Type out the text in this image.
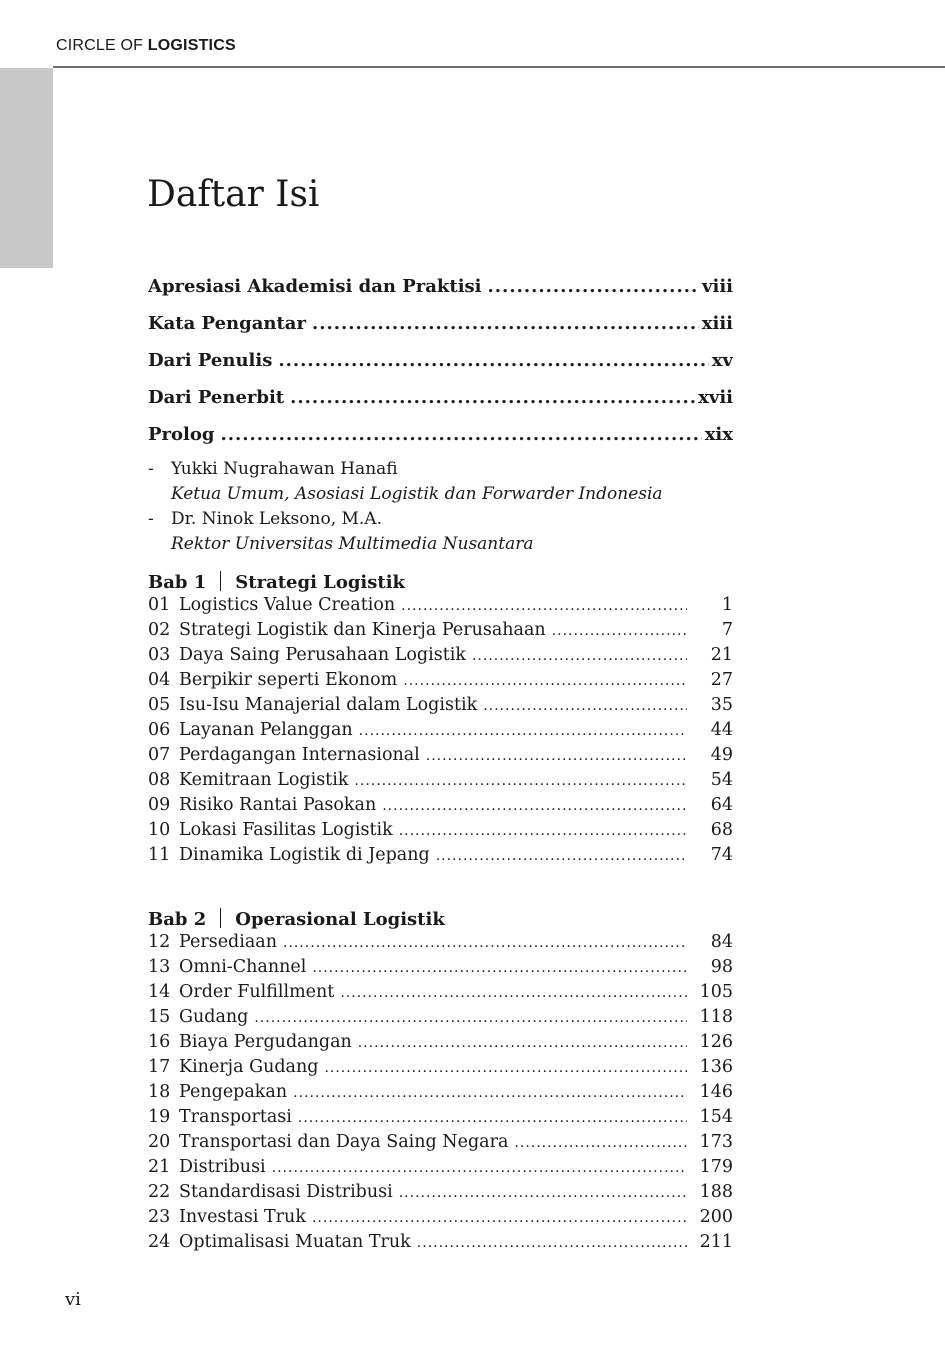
CIRCLE OF LOGISTICS
Daftar Isi
Apresiasi Akademisi dan Praktisi .....	viii
Kata Pengantar .....	xiii
Dari Penulis .....	xv
Dari Penerbit .....	xvii
Prolog .....	xix
-	Yukki Nugrahawan Hanafi
Ketua Umum, Asosiasi Logistik dan Forwarder Indonesia
-	Dr. Ninok Leksono, M.A.
Rektor Universitas Multimedia Nusantara
Bab 1 Strategi Logistik
01 Logistics Value Creation .....	1
02 Strategi Logistik dan Kinerja Perusahaan .....	7
03 Daya Saing Perusahaan Logistik .....	21
04 Berpikir seperti Ekonom .....	27
05 Isu-Isu Manajerial dalam Logistik .....	35
06 Layanan Pelanggan .....	44
07 Perdagangan Internasional .....	49
08 Kemitraan Logistik .....	54
09 Risiko Rantai Pasokan .....	64
10 Lokasi Fasilitas Logistik .....	68
11 Dinamika Logistik di Jepang .....	74
Bab 2 Operasional Logistik
12 Persediaan .....	84
13 Omni-Channel .....	98
14 Order Fulfillment .....	105
15 Gudang .....	118
16 Biaya Pergudangan .....	126
17 Kinerja Gudang .....	136
18 Pengepakan .....	146
19 Transportasi .....	154
20 Transportasi dan Daya Saing Negara .....	173
21 Distribusi .....	179
22 Standardisasi Distribusi .....	188
23 Investasi Truk .....	200
24 Optimalisasi Muatan Truk .....	211
vi
